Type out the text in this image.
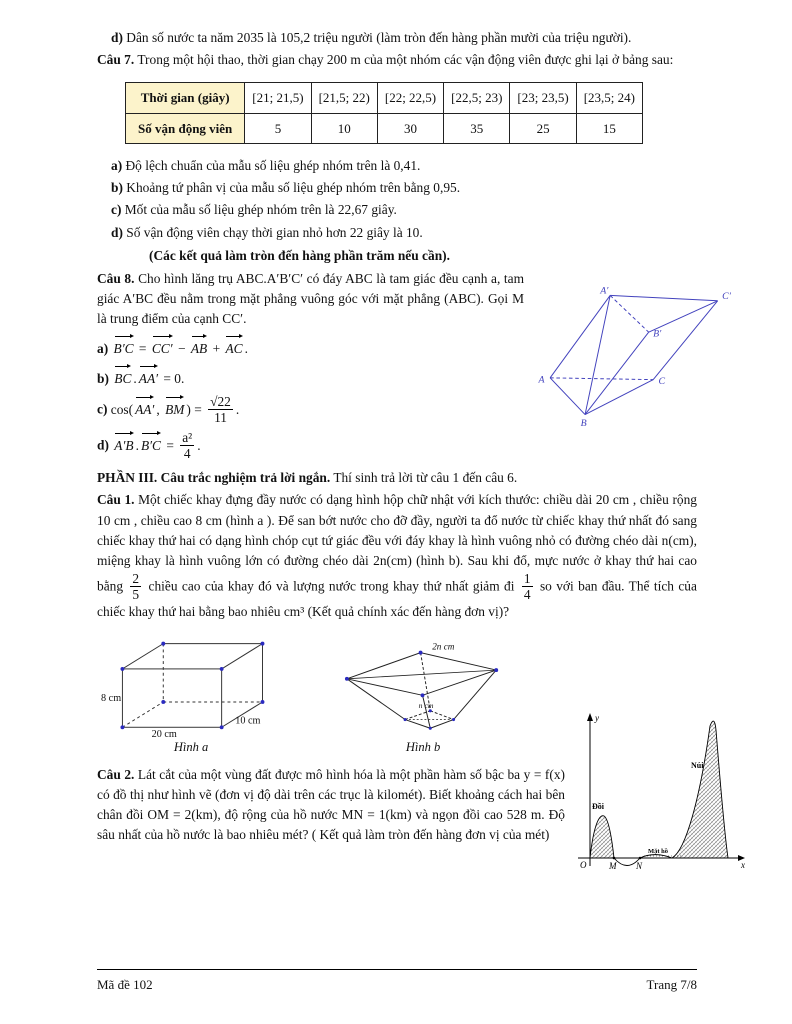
d) Dân số nước ta năm 2035 là 105,2 triệu người (làm tròn đến hàng phần mười của triệu người).
Câu 7. Trong một hội thao, thời gian chạy 200 m của một nhóm các vận động viên được ghi lại ở bảng sau:
Thời gian (giây)	[21; 21,5)	[21,5; 22)	[22; 22,5)	[22,5; 23)	[23; 23,5)	[23,5; 24)
Số vận động viên	5	10	30	35	25	15
a) Độ lệch chuẩn của mẫu số liệu ghép nhóm trên là 0,41.
b) Khoảng tứ phân vị của mẫu số liệu ghép nhóm trên bằng 0,95.
c) Mốt của mẫu số liệu ghép nhóm trên là 22,67 giây.
d) Số vận động viên chạy thời gian nhỏ hơn 22 giây là 10.
(Các kết quả làm tròn đến hàng phần trăm nếu cần).
A′	C′
B′
A	C
B
Câu 8. Cho hình lăng trụ ABC.A′B′C′ có đáy ABC là tam giác đều cạnh a, tam giác A′BC đều nằm trong mặt phẳng vuông góc với mặt phẳng (ABC). Gọi M là trung điểm của cạnh CC′.
a) B′C = CC′ − AB + AC .
b) BC . AA′ = 0.
c) cos( AA′ , BM ) = $\frac{√22}{11}$ .
d) A′B . $B'C = \frac{\text{a²}}{4}$ .
PHẦN III. Câu trắc nghiệm trả lời ngắn. Thí sinh trả lời từ câu 1 đến câu 6.
Câu 1. Một chiếc khay đựng đầy nước có dạng hình hộp chữ nhật với kích thước: chiều dài 20 cm , chiều rộng 10 cm , chiều cao 8 cm (hình a ). Để san bớt nước cho đỡ đầy, người ta đổ nước từ chiếc khay thứ nhất đó sang chiếc khay thứ hai có dạng hình chóp cụt tứ giác đều với đáy khay là hình vuông nhỏ có đường chéo dài n(cm), miệng khay là hình vuông lớn có đường chéo dài 2n(cm) (hình b). Sau khi đổ, mực nước ở khay thứ hai cao bằng $\frac{2}{5}$ chiều cao của khay đó và lượng nước trong khay thứ nhất giảm đi $\frac{1}{4}$ so với ban đầu. Thể tích của chiếc khay thứ hai bằng bao nhiêu cm³ (Kết quả chính xác đến hàng đơn vị)?
8 cm
20 cm
10 cm
Hình a
2n cm
n cm
Hình b
Câu 2. Lát cắt của một vùng đất được mô hình hóa là một phần hàm số bậc ba y = f(x) có đồ thị như hình vẽ (đơn vị độ dài trên các trục là kilomét). Biết khoảng cách hai bên chân đồi OM = 2(km), độ rộng của hồ nước MN = 1(km) và ngọn đồi cao 528 m. Độ sâu nhất của hồ nước là bao nhiêu mét? ( Kết quả làm tròn đến hàng đơn vị của mét)
y
x
O	M N
Đồi
Núi
Mặt hồ
Mã đề 102	Trang 7/8
